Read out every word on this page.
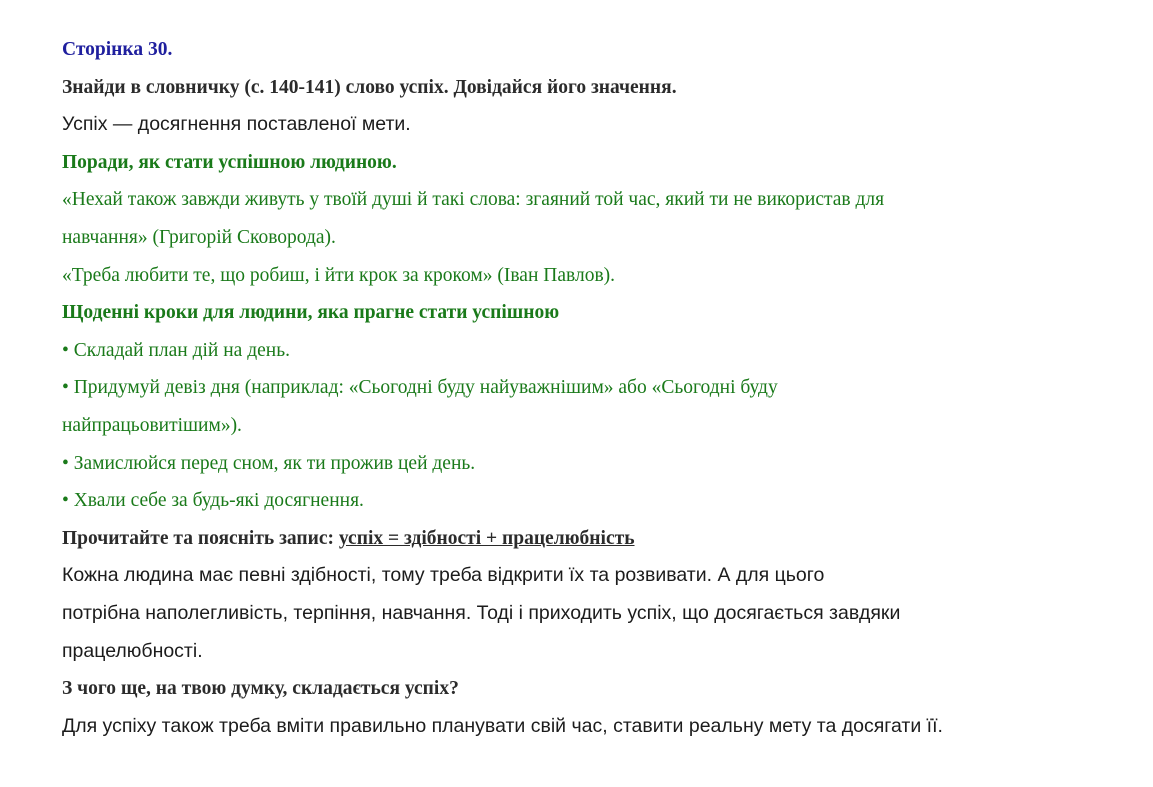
Сторінка 30.
Знайди в словничку (с. 140-141) слово успіх. Довідайся його значення.
Успіх — досягнення поставленої мети.
Поради, як стати успішною людиною.
«Нехай також завжди живуть у твоїй душі й такі слова: згаяний той час, який ти не використав для
навчання» (Григорій Сковорода).
«Треба любити те, що робиш, і йти крок за кроком» (Іван Павлов).
Щоденні кроки для людини, яка прагне стати успішною
• Складай план дій на день.
• Придумуй девіз дня (наприклад: «Сьогодні буду найуважнішим» або «Сьогодні буду
найпрацьовитішим»).
• Замислюйся перед сном, як ти прожив цей день.
• Хвали себе за будь-які досягнення.
Прочитайте та поясніть запис: успіх = здібності + працелюбність
Кожна людина має певні здібності, тому треба відкрити їх та розвивати. А для цього
потрібна наполегливість, терпіння, навчання. Тоді і приходить успіх, що досягається завдяки
працелюбності.
З чого ще, на твою думку, складається успіх?
Для успіху також треба вміти правильно планувати свій час, ставити реальну мету та досягати її.
